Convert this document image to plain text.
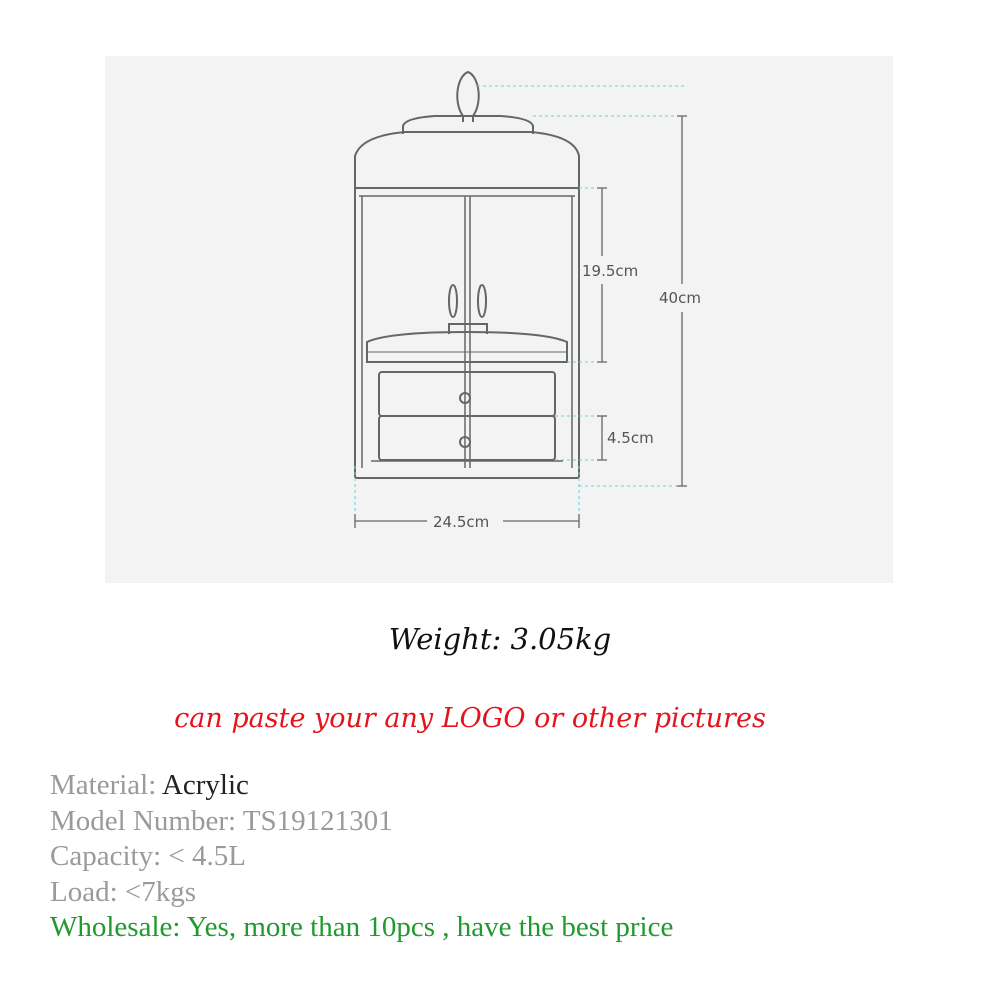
40cm
19.5cm
4.5cm
24.5cm
Weight: 3.05kg
can paste your any LOGO or other pictures
Material: Acrylic
Model Number: TS19121301
Capacity: < 4.5L
Load: <7kgs
Wholesale: Yes, more than 10pcs , have the best price
